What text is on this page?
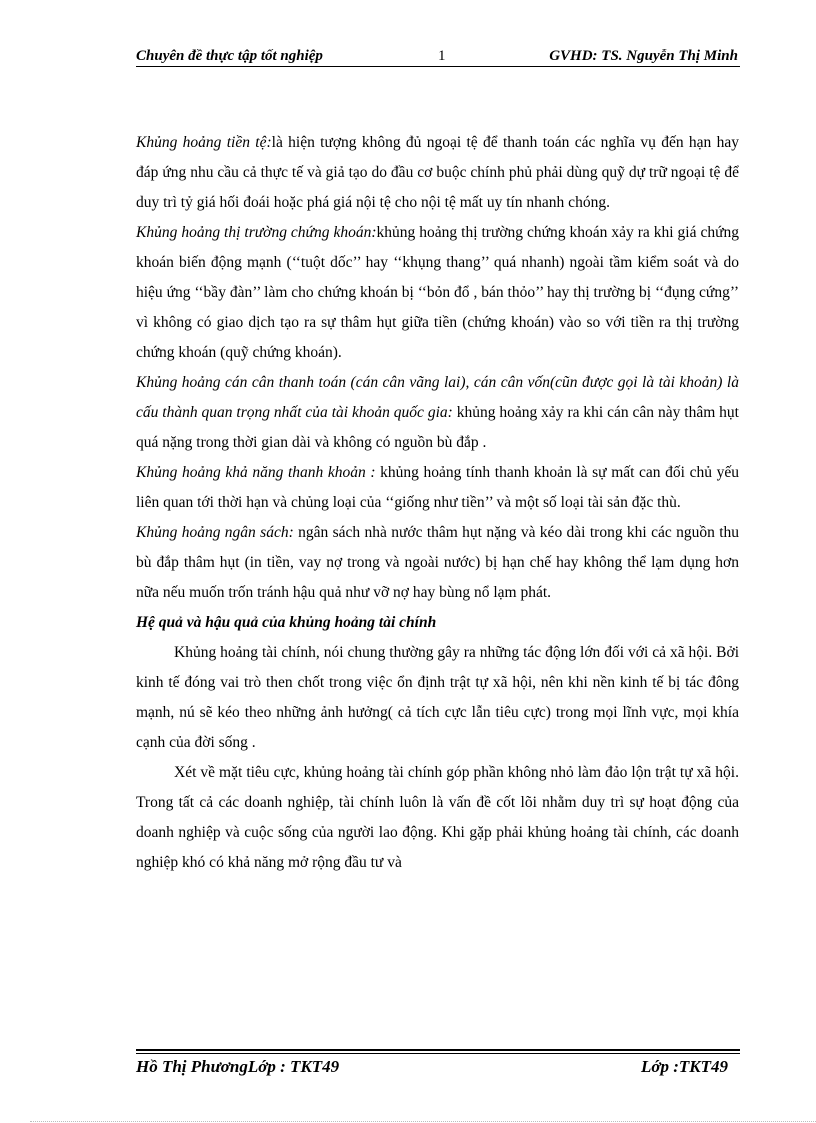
Chuyên đề thực tập tốt nghiệp	1	GVHD: TS. Nguyễn Thị Minh

Khủng hoảng tiền tệ:là hiện tượng không đủ ngoại tệ để thanh toán các nghĩa vụ đến hạn hay đáp ứng nhu cầu cả thực tế và giả tạo do đầu cơ buộc chính phủ phải dùng quỹ dự trữ ngoại tệ để duy trì tỷ giá hối đoái hoặc phá giá nội tệ cho nội tệ mất uy tín nhanh chóng.

Khủng hoảng thị trường chứng khoán:khủng hoảng thị trường chứng khoán xảy ra khi giá chứng khoán biến động mạnh (‘‘tuột dốc’’ hay ‘‘khụng thang’’ quá nhanh) ngoài tầm kiểm soát và do hiệu ứng ‘‘bầy đàn’’ làm cho chứng khoán bị ‘‘bỏn đổ , bán thỏo’’ hay thị trường bị ‘‘đụng cứng’’ vì không có giao dịch tạo ra sự thâm hụt giữa tiền (chứng khoán) vào so với tiền ra thị trường chứng khoán (quỹ chứng khoán).

Khủng hoảng cán cân thanh toán (cán cân vãng lai), cán cân vốn(cũn được gọi là tài khoản) là cấu thành quan trọng nhất của tài khoản quốc gia: khủng hoảng xảy ra khi cán cân này thâm hụt quá nặng trong thời gian dài và không có nguồn bù đắp .

Khủng hoảng khả năng thanh khoản : khủng hoảng tính thanh khoản là sự mất can đối chủ yếu liên quan tới thời hạn và chủng loại của ‘‘giống như tiền’’ và một số loại tài sản đặc thù.

Khủng hoảng ngân sách: ngân sách nhà nước thâm hụt nặng và kéo dài trong khi các nguồn thu bù đắp thâm hụt (in tiền, vay nợ trong và ngoài nước) bị hạn chế hay không thể lạm dụng hơn nữa nếu muốn trốn tránh hậu quả như vỡ nợ hay bùng nổ lạm phát.

Hệ quả và hậu quả của khủng hoảng tài chính

Khủng hoảng tài chính, nói chung thường gây ra những tác động lớn đối với cả xã hội. Bởi kinh tế đóng vai trò then chốt trong việc ổn định trật tự xã hội, nên khi nền kinh tế bị tác đông mạnh, nú sẽ kéo theo những ảnh hưởng( cả tích cực lẫn tiêu cực) trong mọi lĩnh vực, mọi khía cạnh của đời sống .

Xét về mặt tiêu cực, khủng hoảng tài chính góp phần không nhỏ làm đảo lộn trật tự xã hội. Trong tất cả các doanh nghiệp, tài chính luôn là vấn đề cốt lõi nhằm duy trì sự hoạt động của doanh nghiệp và cuộc sống của người lao động. Khi gặp phải khủng hoảng tài chính, các doanh nghiệp khó có khả năng mở rộng đầu tư và

Hồ Thị PhươngLớp : TKT49	Lớp :TKT49
